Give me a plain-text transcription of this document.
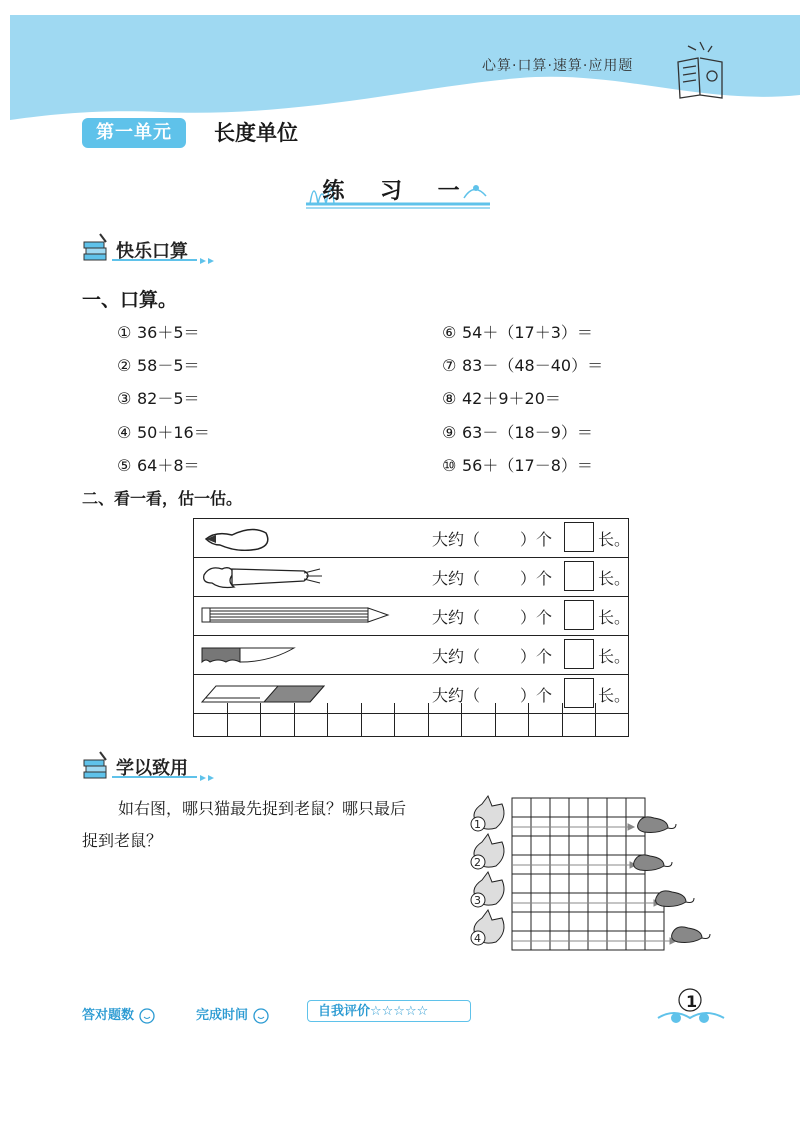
心算·口算·速算·应用题
第一单元	长度单位
练 习 一
快乐口算
一、口算。
① 36＋5＝
② 58－5＝
③ 82－5＝
④ 50＋16＝
⑤ 64＋8＝
⑥ 54＋（17＋3）＝
⑦ 83－（48－40）＝
⑧ 42＋9＋20＝
⑨ 63－（18－9）＝
⑩ 56＋（17－8）＝
二、看一看，估一估。
大约（   	）个	长。

大约（   	）个	长。

大约（   	）个	长。

大约（   	）个	长。

大约（   	）个	长。
学以致用
如右图，哪只猫最先捉到老鼠？哪只最后
捉到老鼠？
1
2
3
4
答对题数	完成时间	自我评价☆☆☆☆☆
1
